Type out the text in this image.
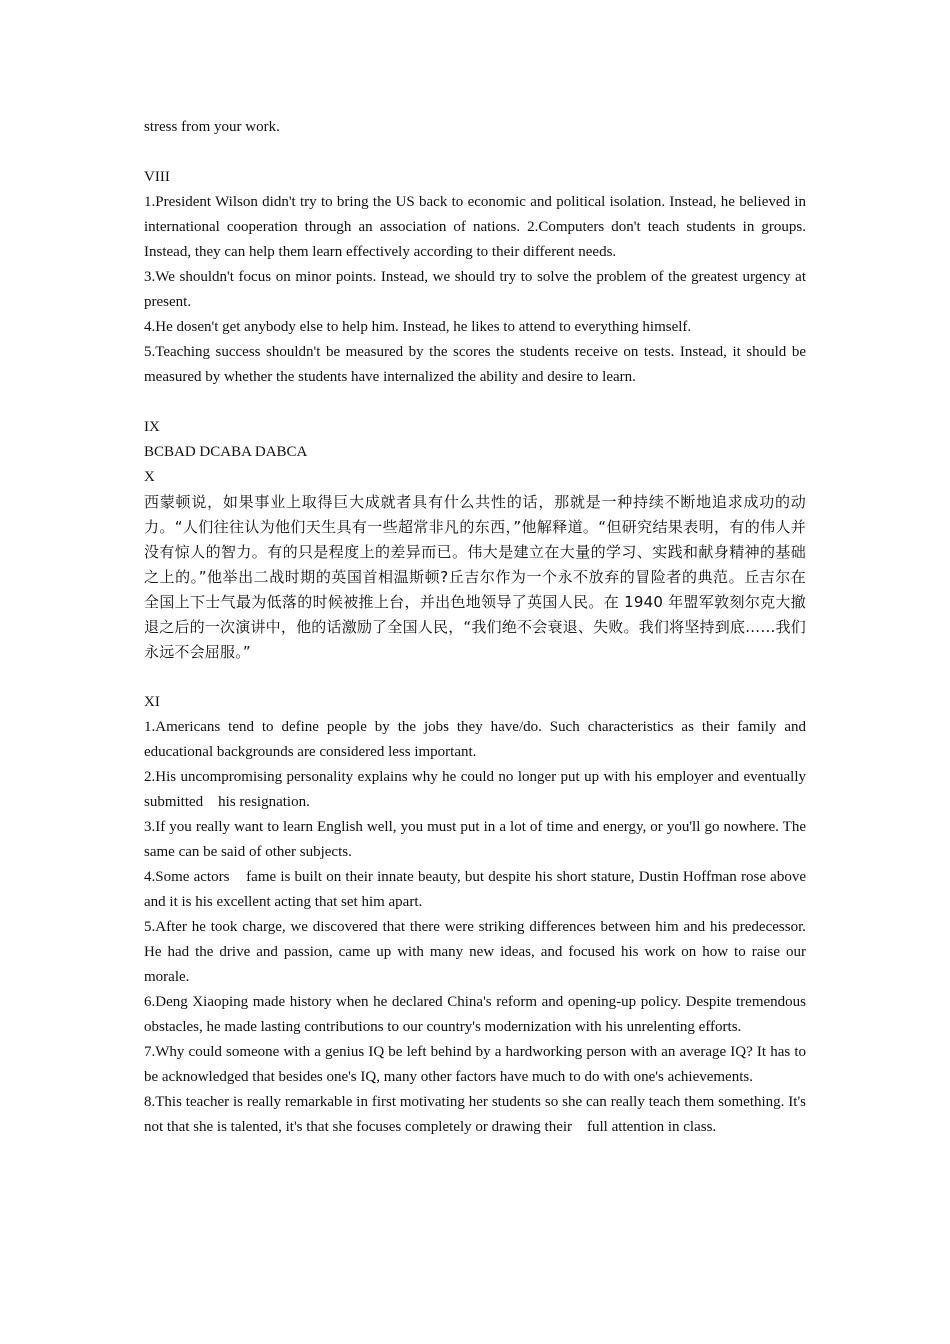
stress from your work.
VIII
1.President Wilson didn't try to bring the US back to economic and political isolation. Instead, he believed in international cooperation through an association of nations. 2.Computers don't teach students in groups. Instead, they can help them learn effectively according to their different needs.
3.We shouldn't focus on minor points. Instead, we should try to solve the problem of the greatest urgency at present.
4.He dosen't get anybody else to help him. Instead, he likes to attend to everything himself.
5.Teaching success shouldn't be measured by the scores the students receive on tests. Instead, it should be measured by whether the students have internalized the ability and desire to learn.
IX
BCBAD DCABA DABCA
X
西蒙顿说，如果事业上取得巨大成就者具有什么共性的话，那就是一种持续不断地追求成功的动力。“人们往往认为他们天生具有一些超常非凡的东西，”他解释道。“但研究结果表明，有的伟人并没有惊人的智力。有的只是程度上的差异而已。伟大是建立在大量的学习、实践和献身精神的基础之上的。”他举出二战时期的英国首相温斯顿?丘吉尔作为一个永不放弃的冒险者的典范。丘吉尔在全国上下士气最为低落的时候被推上台，并出色地领导了英国人民。在 1940 年盟军敦刻尔克大撤退之后的一次演讲中，他的话激励了全国人民，“我们绝不会衰退、失败。我们将坚持到底……我们永远不会屈服。”
XI
1.Americans tend to define people by the jobs they have/do. Such characteristics as their family and educational backgrounds are considered less important.
2.His uncompromising personality explains why he could no longer put up with his employer and eventually submitted    his resignation.
3.If you really want to learn English well, you must put in a lot of time and energy, or you'll go nowhere. The same can be said of other subjects.
4.Some actors    fame is built on their innate beauty, but despite his short stature, Dustin Hoffman rose above and it is his excellent acting that set him apart.
5.After he took charge, we discovered that there were striking differences between him and his predecessor. He had the drive and passion, came up with many new ideas, and focused his work on how to raise our morale.
6.Deng Xiaoping made history when he declared China's reform and opening-up policy. Despite tremendous obstacles, he made lasting contributions to our country's modernization with his unrelenting efforts.
7.Why could someone with a genius IQ be left behind by a hardworking person with an average IQ? It has to be acknowledged that besides one's IQ, many other factors have much to do with one's achievements.
8.This teacher is really remarkable in first motivating her students so she can really teach them something. It's not that she is talented, it's that she focuses completely or drawing their    full attention in class.
